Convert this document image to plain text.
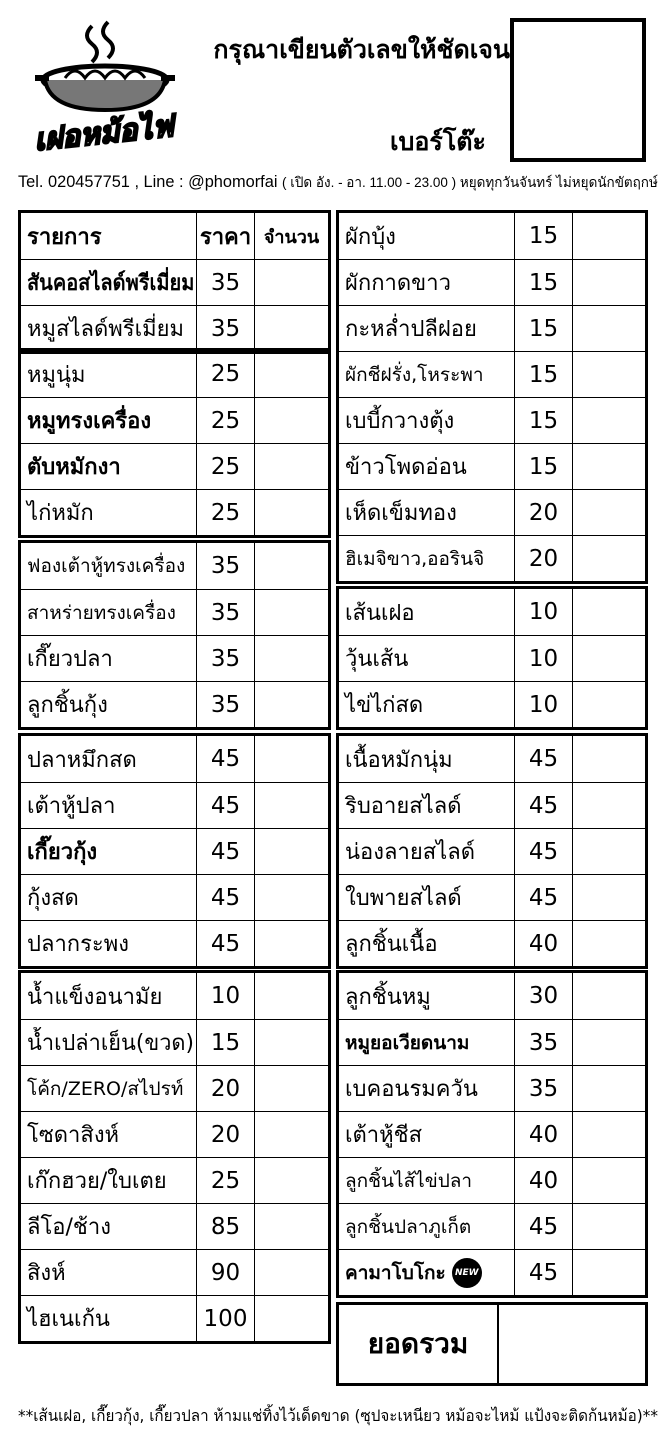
เฝอหม้อไฟ
กรุณาเขียนตัวเลขให้ชัดเจน
เบอร์โต๊ะ
Tel. 020457751 , Line : @phomorfai ( เปิด อัง. - อา. 11.00 - 23.00 ) หยุดทุกวันจันทร์ ไม่หยุดนักขัตฤกษ์
รายการ	ราคา จำนวน
สันคอสไลด์พรีเมี่ยม 35
หมูสไลด์พรีเมี่ยม	35
หมูนุ่ม	25
หมูทรงเครื่อง	25
ตับหมักงา	25
ไก่หมัก	25
ฟองเต้าหู้ทรงเครื่อง	35
สาหร่ายทรงเครื่อง	35
เกี๊ยวปลา	35
ลูกชิ้นกุ้ง	35
ปลาหมึกสด	45
เต้าหู้ปลา	45
เกี๊ยวกุ้ง	45
กุ้งสด	45
ปลากระพง	45
น้ำแข็งอนามัย	10
น้ำเปล่าเย็น(ขวด) 15
โค้ก/ZERO/สไปรท์	20
โซดาสิงห์	20
เก๊กฮวย/ใบเตย	25
ลีโอ/ช้าง	85
สิงห์	90
ไฮเนเก้น	100
ผักบุ้ง	15
ผักกาดขาว	15
กะหล่ำปลีฝอย	15
ผักชีฝรั่ง,โหระพา	15
เบบี้กวางตุ้ง	15
ข้าวโพดอ่อน	15
เห็ดเข็มทอง	20
ฮิเมจิขาว,ออรินจิ	20
เส้นเฝอ	10
วุ้นเส้น	10
ไข่ไก่สด	10
เนื้อหมักนุ่ม	45
ริบอายสไลด์	45
น่องลายสไลด์	45
ใบพายสไลด์	45
ลูกชิ้นเนื้อ	40
ลูกชิ้นหมู	30
หมูยอเวียดนาม	35
เบคอนรมควัน	35
เต้าหู้ชีส	40
ลูกชิ้นไส้ไข่ปลา	40
ลูกชิ้นปลาภูเก็ต	45
คามาโบโกะ	NEW	45
ยอดรวม
**เส้นเฝอ, เกี๊ยวกุ้ง, เกี๊ยวปลา ห้ามแช่ทิ้งไว้เด็ดขาด (ซุปจะเหนียว หม้อจะไหม้ แป้งจะติดก้นหม้อ)**
